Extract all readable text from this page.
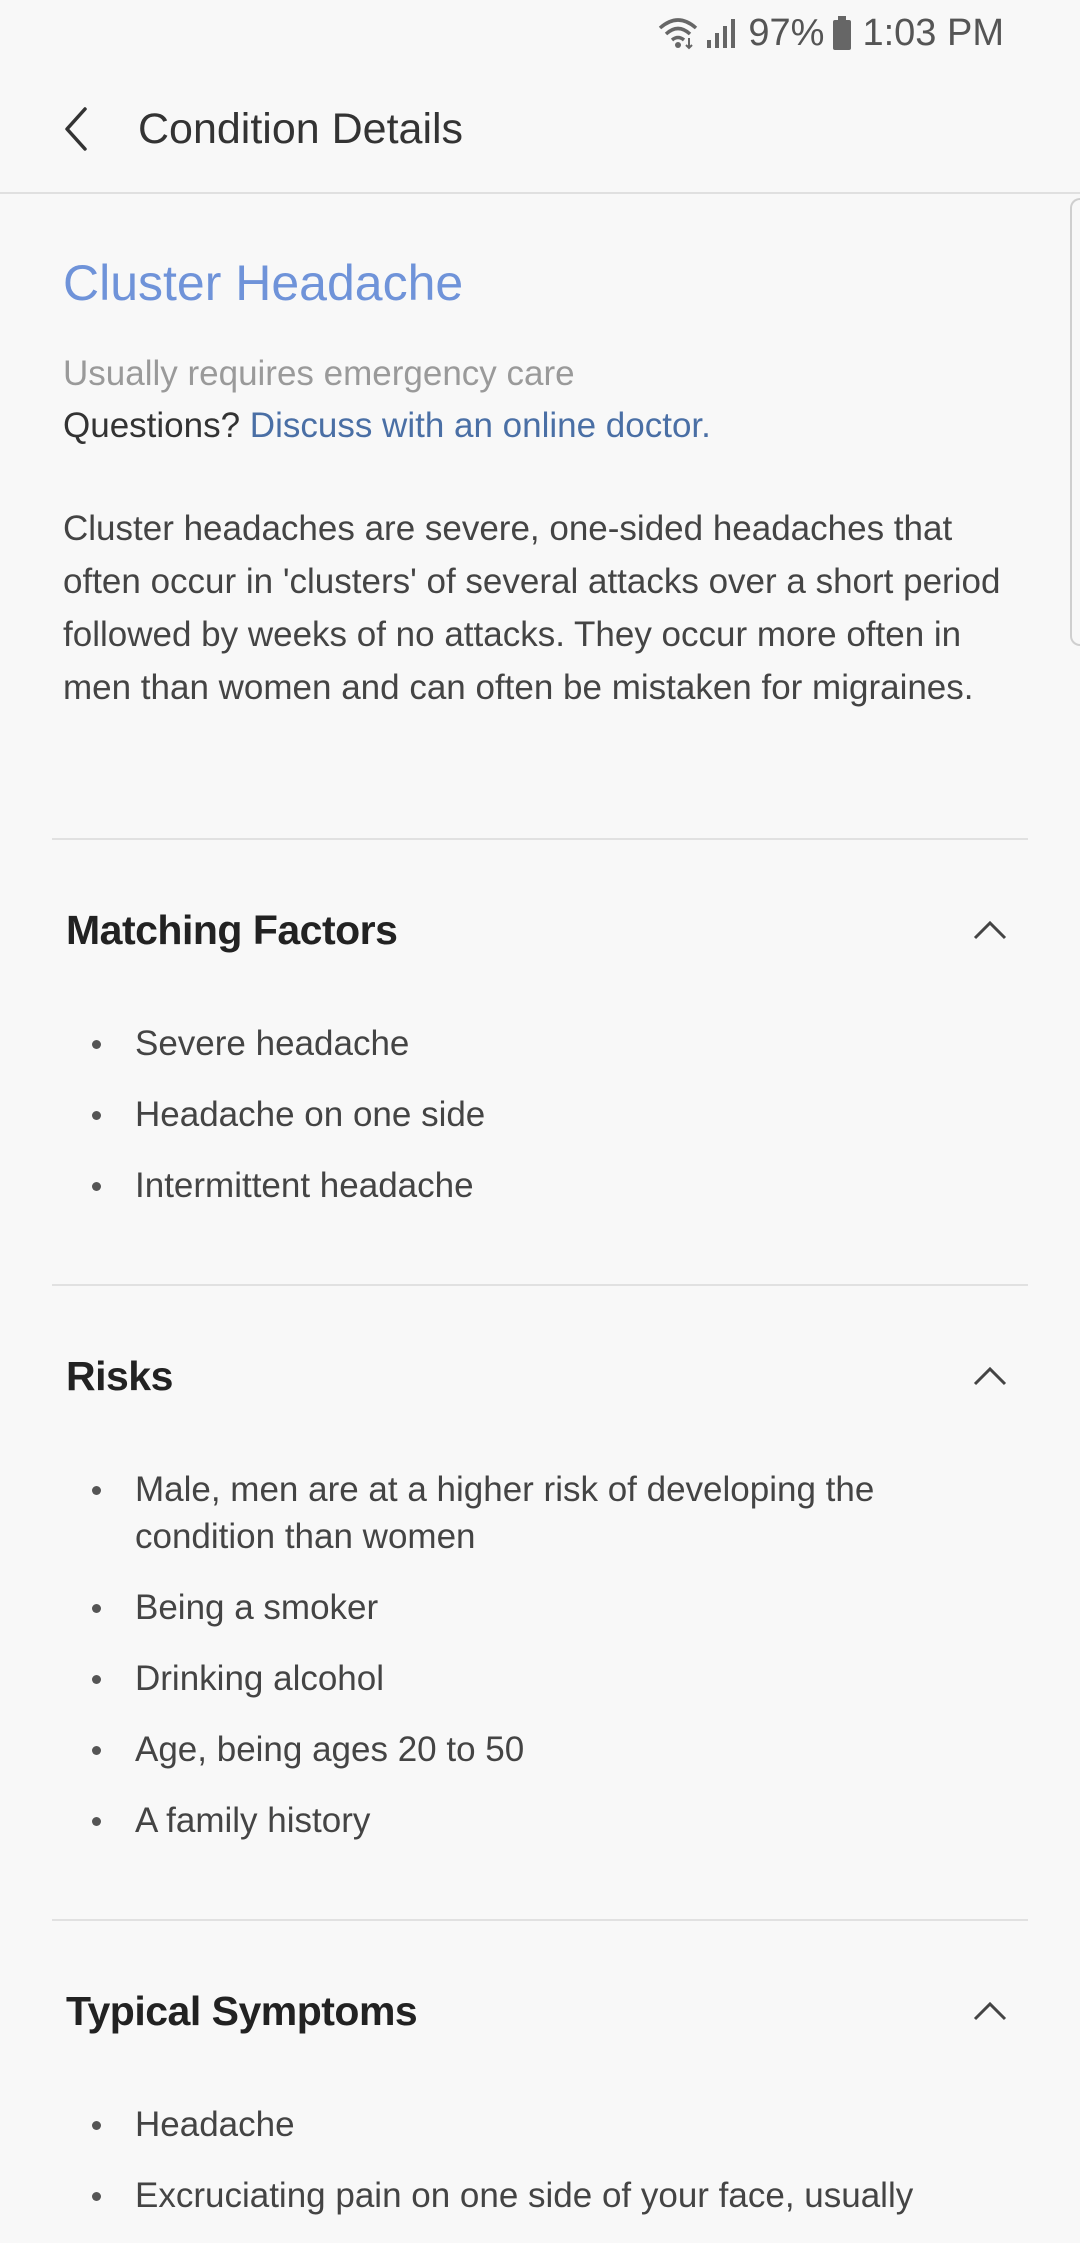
97% 1:03 PM
Condition Details
Cluster Headache
Usually requires emergency care
Questions? Discuss with an online doctor.

Cluster headaches are severe, one-sided headaches that often occur in 'clusters' of several attacks over a short period followed by weeks of no attacks. They occur more often in men than women and can often be mistaken for migraines.

Matching Factors
Severe headache
Headache on one side
Intermittent headache
Risks
Male, men are at a higher risk of developing the condition than women
Being a smoker
Drinking alcohol
Age, being ages 20 to 50
A family history
Typical Symptoms
Headache
Excruciating pain on one side of your face, usually
